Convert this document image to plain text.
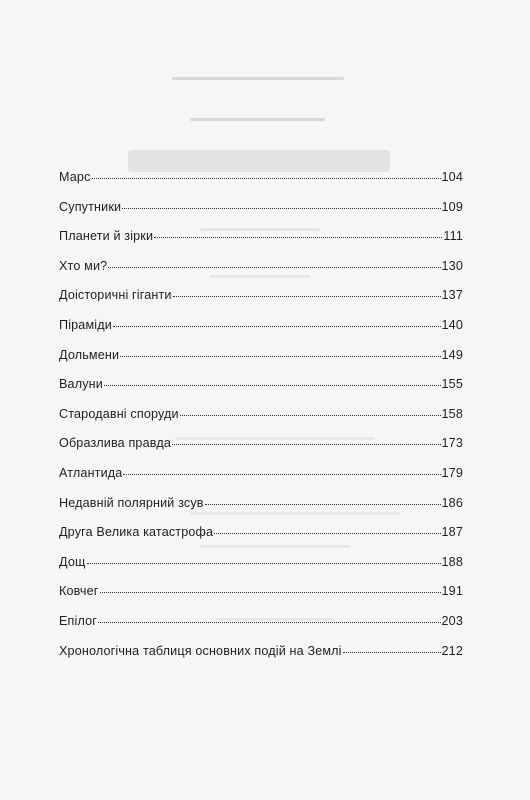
Марс	104
Супутники	109
Планети й зірки	111
Хто ми?	130
Доісторичні гіганти	137
Піраміди	140
Дольмени	149
Валуни	155
Стародавні споруди	158
Образлива правда	173
Атлантида	179
Недавній полярний зсув	186
Друга Велика катастрофа	187
Дощ	188
Ковчег	191
Епілог	203
Хронологічна таблиця основних подій на Землі	212
